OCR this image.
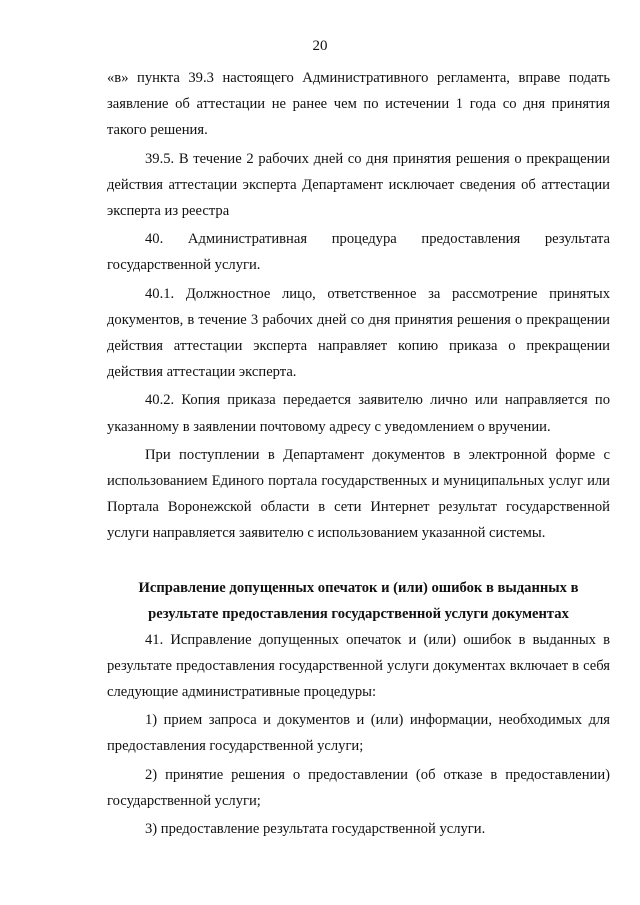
20

«в» пункта 39.3 настоящего Административного регламента, вправе подать заявление об аттестации не ранее чем по истечении 1 года со дня принятия такого решения.

39.5. В течение 2 рабочих дней со дня принятия решения о прекращении действия аттестации эксперта Департамент исключает сведения об аттестации эксперта из реестра

40. Административная процедура предоставления результата государственной услуги.

40.1. Должностное лицо, ответственное за рассмотрение принятых документов, в течение 3 рабочих дней со дня принятия решения о прекращении действия аттестации эксперта направляет копию приказа о прекращении действия аттестации эксперта.

40.2. Копия приказа передается заявителю лично или направляется по указанному в заявлении почтовому адресу с уведомлением о вручении.

При поступлении в Департамент документов в электронной форме с использованием Единого портала государственных и муниципальных услуг или Портала Воронежской области в сети Интернет результат государственной услуги направляется заявителю с использованием указанной системы.

Исправление допущенных опечаток и (или) ошибок в выданных в
результате предоставления государственной услуги документах

41. Исправление допущенных опечаток и (или) ошибок в выданных в результате предоставления государственной услуги документах включает в себя следующие административные процедуры:

1) прием запроса и документов и (или) информации, необходимых для предоставления государственной услуги;

2) принятие решения о предоставлении (об отказе в предоставлении) государственной услуги;

3) предоставление результата государственной услуги.
